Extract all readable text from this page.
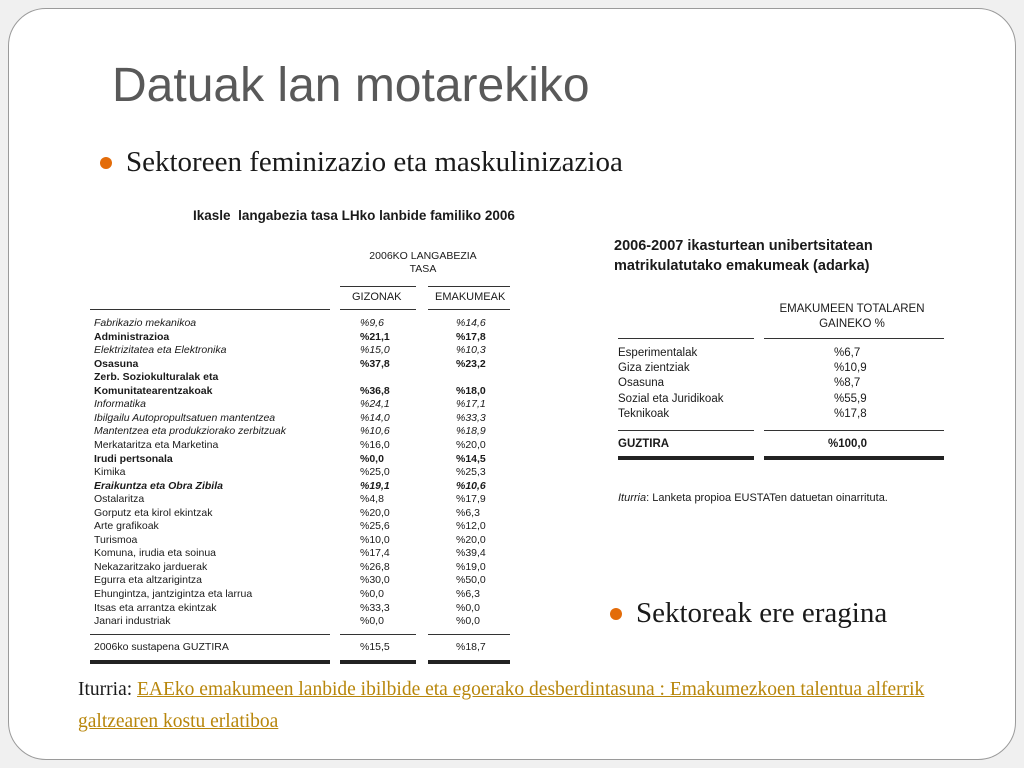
Datuak lan motarekiko
Sektoreen feminizazio eta maskulinizazioa
Ikasle langabezia tasa LHko lanbide familiko 2006
2006KO LANGABEZIA
TASA
GIZONAK	EMAKUMEAK
Fabrikazio mekanikoa	%9,6	%14,6
Administrazioa	%21,1	%17,8
Elektrizitatea eta Elektronika	%15,0	%10,3
Osasuna	%37,8	%23,2
Zerb. Soziokulturalak eta
Komunitatearentzakoak	%36,8	%18,0
Informatika	%24,1	%17,1
Ibilgailu Autopropultsatuen mantentzea	%14,0	%33,3
Mantentzea eta produkziorako zerbitzuak	%10,6	%18,9
Merkataritza eta Marketina	%16,0	%20,0
Irudi pertsonala	%0,0	%14,5
Kimika	%25,0	%25,3
Eraikuntza eta Obra Zibila	%19,1	%10,6
Ostalaritza	%4,8	%17,9
Gorputz eta kirol ekintzak	%20,0	%6,3
Arte grafikoak	%25,6	%12,0
Turismoa	%10,0	%20,0
Komuna, irudia eta soinua	%17,4	%39,4
Nekazaritzako jarduerak	%26,8	%19,0
Egurra eta altzarigintza	%30,0	%50,0
Ehungintza, jantzigintza eta larrua	%0,0	%6,3
Itsas eta arrantza ekintzak	%33,3	%0,0
Janari industriak	%0,0	%0,0
2006ko sustapena GUZTIRA	%15,5	%18,7
2006-2007 ikasturtean unibertsitatean
matrikulatutako emakumeak (adarka)
EMAKUMEEN TOTALAREN
GAINEKO %
Esperimentalak	%6,7
Giza zientziak	%10,9
Osasuna	%8,7
Sozial eta Juridikoak	%55,9
Teknikoak	%17,8
GUZTIRA	%100,0
Iturria: Lanketa propioa EUSTATen datuetan oinarrituta.
Sektoreak ere eragina
Iturria: EAEko emakumeen lanbide ibilbide eta egoerako desberdintasuna : Emakumezkoen talentua alferrik galtzearen kostu erlatiboa
